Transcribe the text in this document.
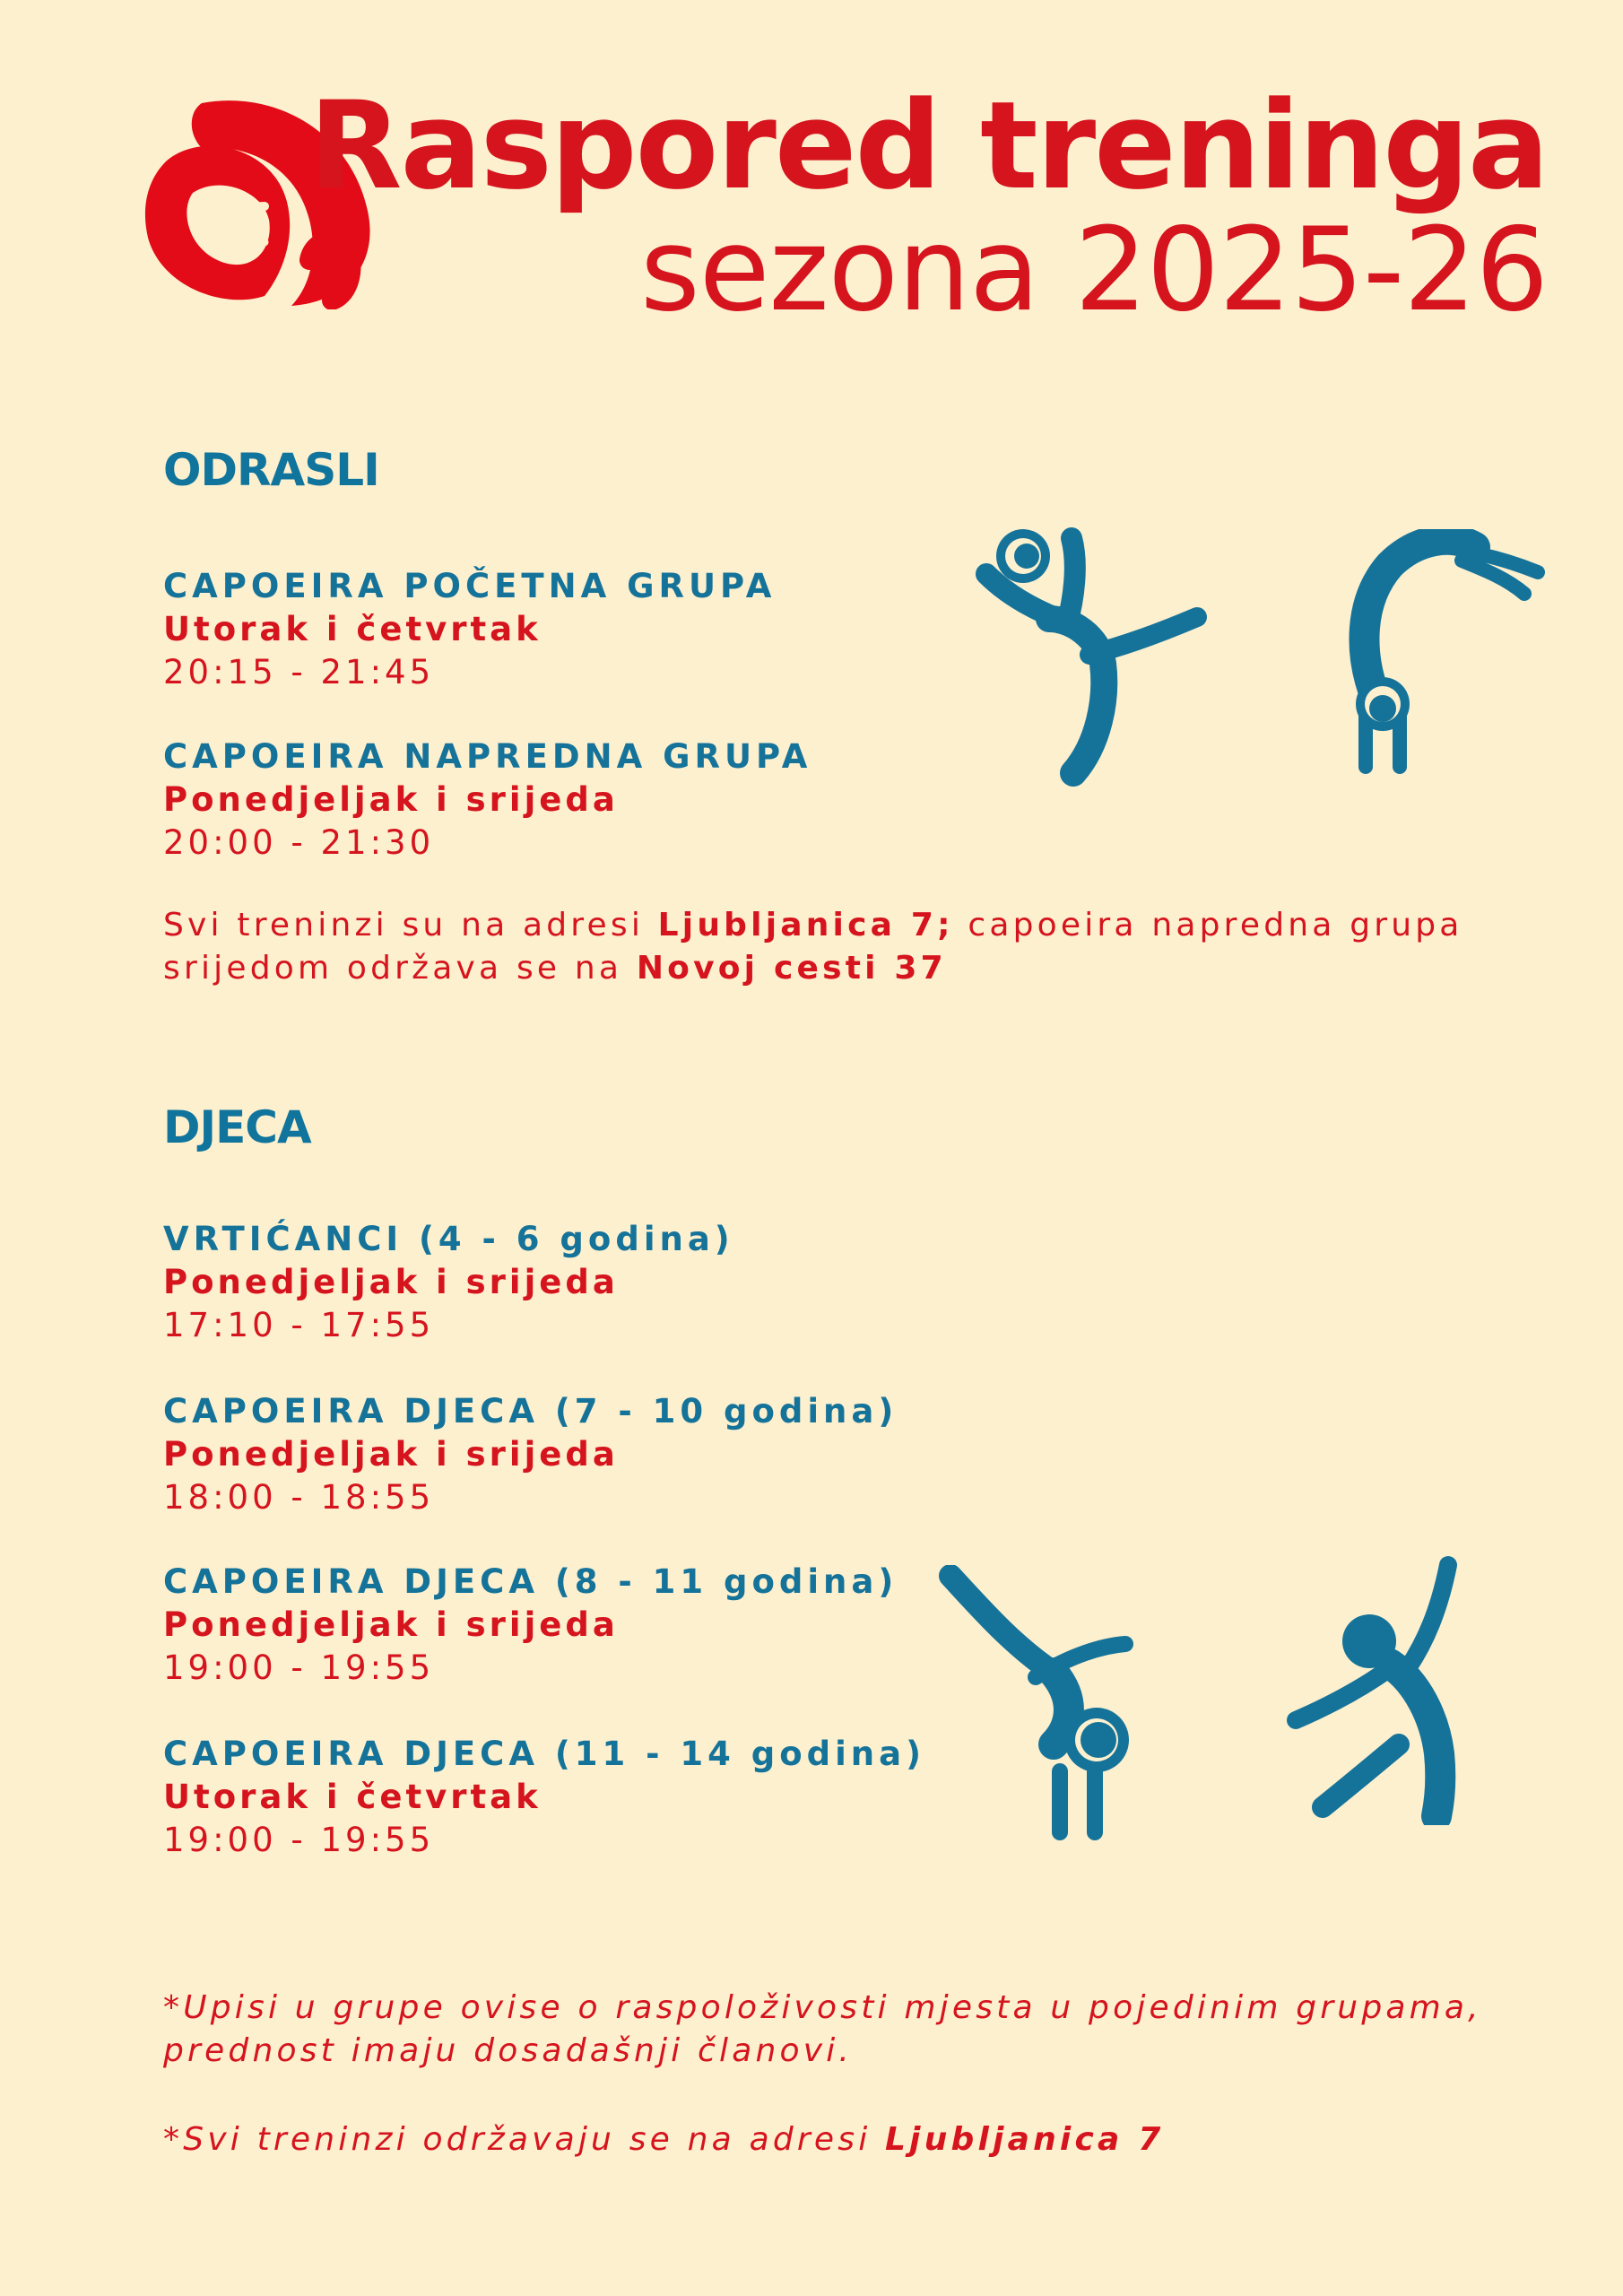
Raspored treninga
sezona 2025-26
ODRASLI
CAPOEIRA POČETNA GRUPA
Utorak i četvrtak
20:15 - 21:45
CAPOEIRA NAPREDNA GRUPA
Ponedjeljak i srijeda
20:00 - 21:30
Svi treninzi su na adresi Ljubljanica 7; capoeira napredna grupa srijedom održava se na Novoj cesti 37
DJECA
VRTIĆANCI (4 - 6 godina)
Ponedjeljak i srijeda
17:10 - 17:55
CAPOEIRA DJECA (7 - 10 godina)
Ponedjeljak i srijeda
18:00 - 18:55
CAPOEIRA DJECA (8 - 11 godina)
Ponedjeljak i srijeda
19:00 - 19:55
CAPOEIRA DJECA (11 - 14 godina)
Utorak i četvrtak
19:00 - 19:55
*Upisi u grupe ovise o raspoloživosti mjesta u pojedinim grupama, prednost imaju dosadašnji članovi.
*Svi treninzi održavaju se na adresi Ljubljanica 7
